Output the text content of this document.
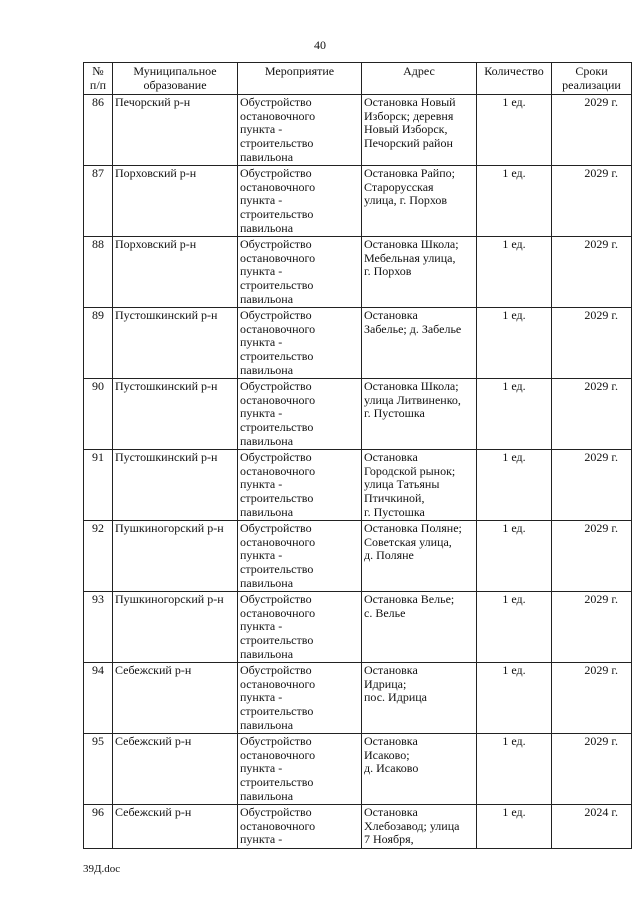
40
№
п/п	Муниципальное
образование	Мероприятие	Адрес	Количество	Сроки
реализации

86	Печорский р-н	Обустройство
остановочного
пункта -
строительство
павильона	Остановка Новый
Изборск; деревня
Новый Изборск,
Печорский район	1 ед.	2029 г.
87	Порховский р-н	Обустройство
остановочного
пункта -
строительство
павильона	Остановка Райпо;
Старорусская
улица, г. Порхов	1 ед.	2029 г.
88	Порховский р-н	Обустройство
остановочного
пункта -
строительство
павильона	Остановка Школа;
Мебельная улица,
г. Порхов	1 ед.	2029 г.
89	Пустошкинский р-н	Обустройство
остановочного
пункта -
строительство
павильона	Остановка
Забелье; д. Забелье	1 ед.	2029 г.
90	Пустошкинский р-н	Обустройство
остановочного
пункта -
строительство
павильона	Остановка Школа;
улица Литвиненко,
г. Пустошка	1 ед.	2029 г.
91	Пустошкинский р-н	Обустройство
остановочного
пункта -
строительство
павильона	Остановка
Городской рынок;
улица Татьяны
Птичкиной,
г. Пустошка	1 ед.	2029 г.
92	Пушкиногорский р-н	Обустройство
остановочного
пункта -
строительство
павильона	Остановка Поляне;
Советская улица,
д. Поляне	1 ед.	2029 г.
93	Пушкиногорский р-н	Обустройство
остановочного
пункта -
строительство
павильона	Остановка Велье;
с. Велье	1 ед.	2029 г.
94	Себежский р-н	Обустройство
остановочного
пункта -
строительство
павильона	Остановка
Идрица;
пос. Идрица	1 ед.	2029 г.
95	Себежский р-н	Обустройство
остановочного
пункта -
строительство
павильона	Остановка
Исаково;
д. Исаково	1 ед.	2029 г.
96	Себежский р-н	Обустройство
остановочного
пункта -	Остановка
Хлебозавод; улица
7 Ноября,	1 ед.	2024 г.
39Д.doc
